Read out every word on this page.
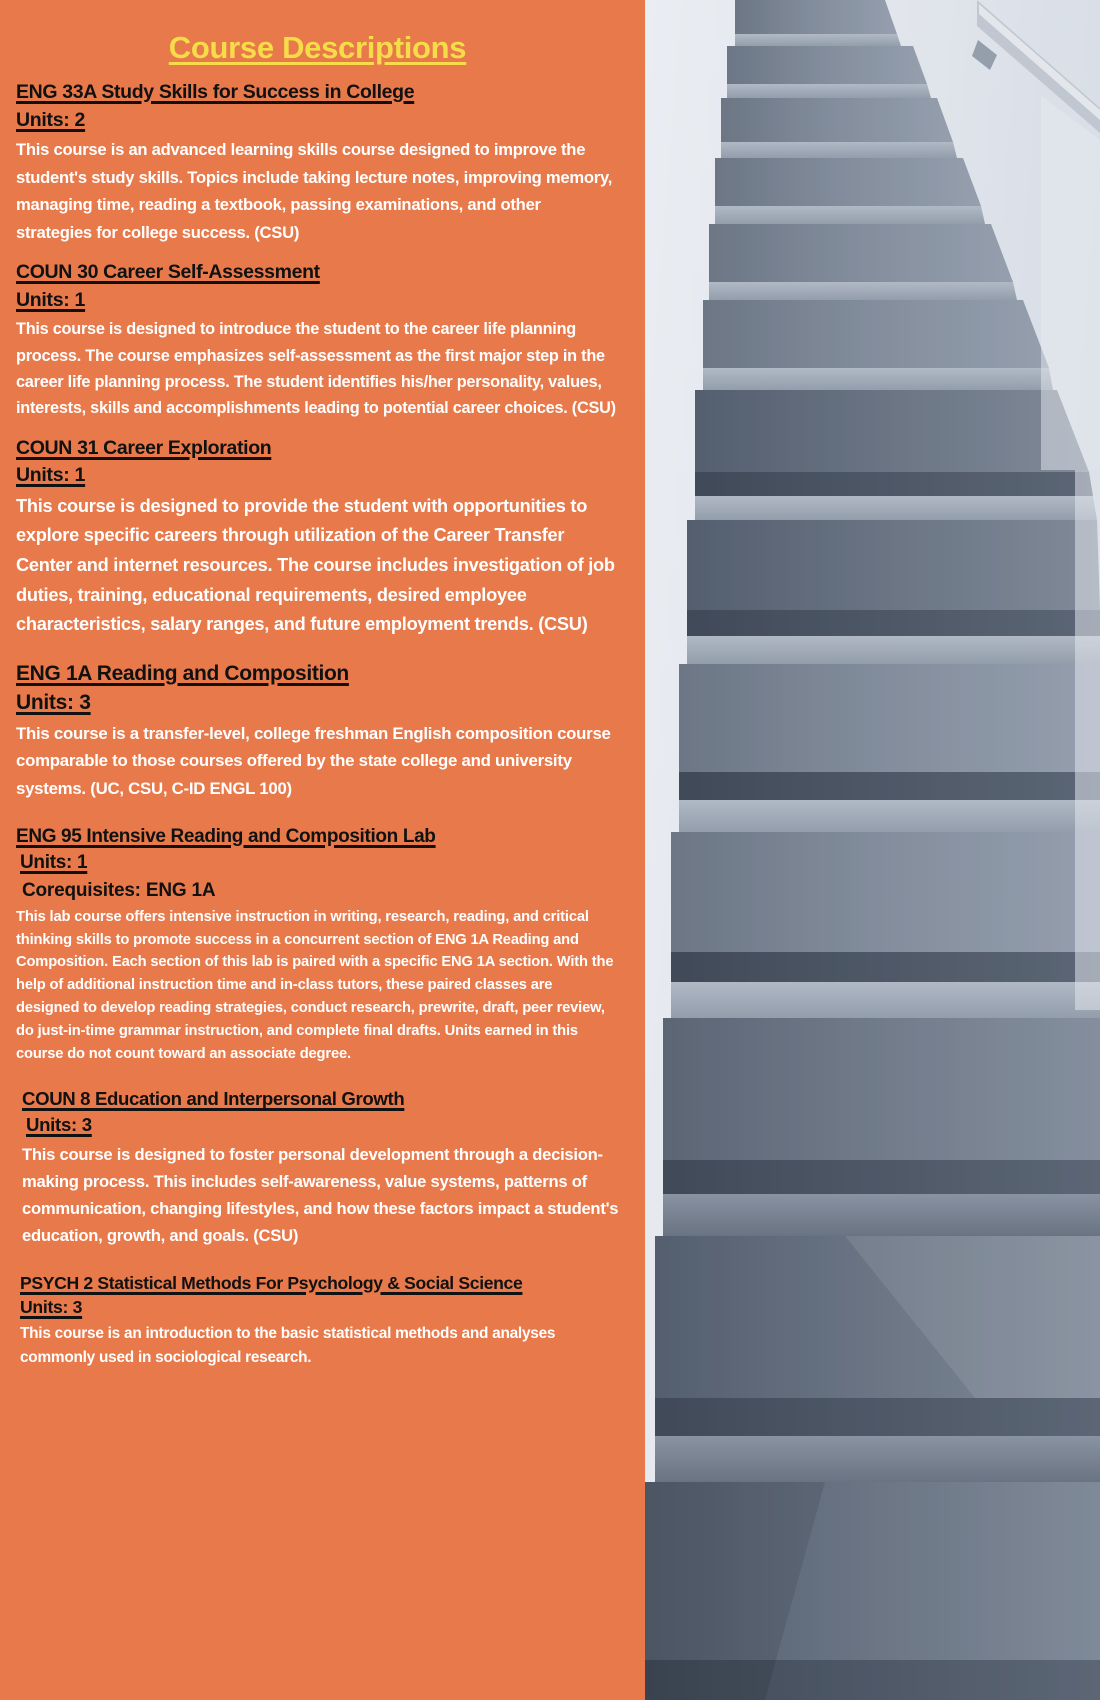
Course Descriptions
ENG 33A Study Skills for Success in College
Units: 2
This course is an advanced learning skills course designed to improve the student's study skills. Topics include taking lecture notes, improving memory, managing time, reading a textbook, passing examinations, and other strategies for college success. (CSU)
COUN 30 Career Self-Assessment
Units: 1
This course is designed to introduce the student to the career life planning process. The course emphasizes self-assessment as the first major step in the career life planning process. The student identifies his/her personality, values, interests, skills and accomplishments leading to potential career choices. (CSU)
COUN 31 Career Exploration
Units: 1
This course is designed to provide the student with opportunities to explore specific careers through utilization of the Career Transfer Center and internet resources. The course includes investigation of job duties, training, educational requirements, desired employee characteristics, salary ranges, and future employment trends. (CSU)
ENG 1A Reading and Composition
Units: 3
This course is a transfer-level, college freshman English composition course comparable to those courses offered by the state college and university systems. (UC, CSU, C-ID ENGL 100)
ENG 95 Intensive Reading and Composition Lab
Units: 1
Corequisites: ENG 1A
This lab course offers intensive instruction in writing, research, reading, and critical thinking skills to promote success in a concurrent section of ENG 1A Reading and Composition. Each section of this lab is paired with a specific ENG 1A section. With the help of additional instruction time and in-class tutors, these paired classes are designed to develop reading strategies, conduct research, prewrite, draft, peer review, do just-in-time grammar instruction, and complete final drafts. Units earned in this course do not count toward an associate degree.
COUN 8 Education and Interpersonal Growth
Units: 3
This course is designed to foster personal development through a decision-making process. This includes self-awareness, value systems, patterns of communication, changing lifestyles, and how these factors impact a student's education, growth, and goals. (CSU)
PSYCH 2 Statistical Methods For Psychology & Social Science
Units: 3
This course is an introduction to the basic statistical methods and analyses commonly used in sociological research.
